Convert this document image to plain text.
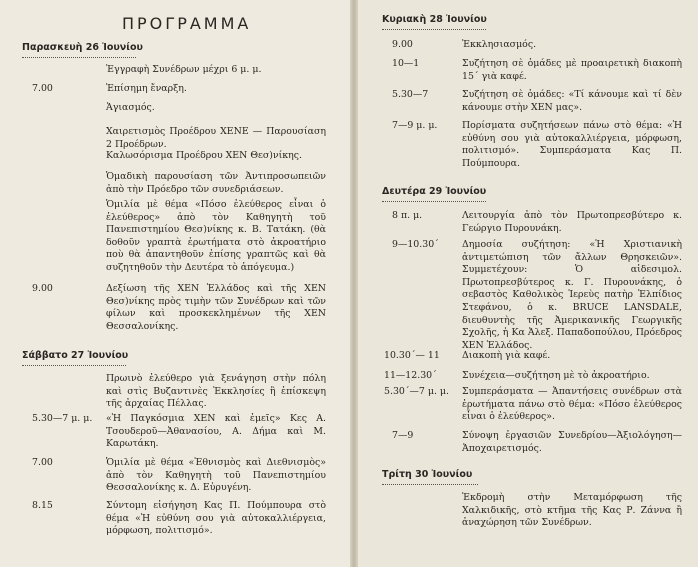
ΠΡΟΓΡΑΜΜΑ
Παρασκευὴ 26 Ἰουνίου
Σάββατο 27 Ἰουνίου
Κυριακὴ 28 Ἰουνίου
Δευτέρα 29 Ἰουνίου
Τρίτη 30 Ἰουνίου
Ἐγγραφὴ Συνέδρων μέχρι 6 μ. μ.
7.00	Ἐπίσημη ἔναρξη.
Ἁγιασμός.
Χαιρετισμὸς Προέδρου ΧΕΝΕ — Παρουσίαση 2 Προέδρων.
Καλωσόρισμα Προέδρου ΧΕΝ Θεσ)νίκης.
Ὁμαδικὴ παρουσίαση τῶν Ἀντιπροσωπειῶν ἀπὸ τὴν Πρόεδρο τῶν συνεδριάσεων.
Ὁμιλία μὲ θέμα «Πόσο ἐλεύθερος εἶναι ὁ ἐλεύθερος» ἀπὸ τὸν Καθηγητὴ τοῦ Πανεπιστημίου Θεσ)νίκης κ. Β. Τατάκη. (θὰ δοθοῦν γραπτὰ ἐρωτήματα στὸ ἀκροατήριο ποὺ θὰ ἀπαντηθοῦν ἐπίσης γραπτῶς καὶ θὰ συζητηθοῦν τὴν Δευτέρα τὸ ἀπόγευμα.)
9.00	Δεξίωση τῆς ΧΕΝ Ἑλλάδος καὶ τῆς ΧΕΝ Θεσ)νίκης πρὸς τιμὴν τῶν Συνέδρων καὶ τῶν φίλων καὶ προσκεκλημένων τῆς ΧΕΝ Θεσσαλονίκης.
Πρωινὸ ἐλεύθερο γιὰ ξενάγηση στὴν πόλη καὶ στὶς Βυζαντινὲς Ἐκκλησίες ἢ ἐπίσκεψη τῆς ἀρχαίας Πέλλας.
5.30—7 μ. μ. «Ἡ Παγκόσμια ΧΕΝ καὶ ἐμεῖς» Κες Α. Τσουδεροῦ—Ἀθανασίου, Α. Δήμα καὶ Μ. Καρωτάκη.
7.00	Ὁμιλία μὲ θέμα «Ἐθνισμὸς καὶ Διεθνισμὸς» ἀπὸ τὸν Καθηγητὴ τοῦ Πανεπιστημίου Θεσσαλονίκης κ. Δ. Εὐρυγένη.
8.15	Σύντομη εἰσήγηση Κας Π. Πούμπουρα στὸ θέμα «Ἡ εὐθύνη σου γιὰ αὐτοκαλλιέργεια, μόρφωση, πολιτισμό».
9.00	Ἐκκλησιασμός.
10—1	Συζήτηση σὲ ὁμάδες μὲ προαιρετικὴ διακοπὴ 15΄ γιὰ καφέ.
5.30—7	Συζήτηση σὲ ὁμάδες: «Τί κάνουμε καὶ τί δὲν κάνουμε στὴν ΧΕΝ μας».
7—9 μ. μ.	Πορίσματα συζητήσεων πάνω στὸ θέμα: «Ἡ εὐθύνη σου γιὰ αὐτοκαλλιέργεια, μόρφωση, πολιτισμό». Συμπεράσματα Κας Π. Πούμπουρα.
8 π. μ.	Λειτουργία ἀπὸ τὸν Πρωτοπρεσβύτερο κ. Γεώργιο Πυρουνάκη.
9—10.30΄ Δημοσία συζήτηση: «Ἡ Χριστιανικὴ ἀντιμετώπιση τῶν ἄλλων Θρησκειῶν». Συμμετέχουν: Ὁ αἰδεσιμολ. Πρωτοπρεσβύτερος κ. Γ. Πυρουνάκης, ὁ σεβαστὸς Καθολικὸς Ἱερεὺς πατὴρ Ἐλπίδιος Στεφάνου, ὁ κ. BRUCE LANSDALE, διευθυντὴς τῆς Ἀμερικανικῆς Γεωργικῆς Σχολῆς, ἡ Κα Ἀλεξ. Παπαδοπούλου, Πρόεδρος ΧΕΝ Ἑλλάδος.
10.30΄— 11 Διακοπὴ γιὰ καφέ.
11—12.30΄	Συνέχεια—συζήτηση μὲ τὸ ἀκροατήριο.
5.30΄—7 μ. μ. Συμπεράσματα — Ἀπαντήσεις συνέδρων στὰ ἐρωτήματα πάνω στὸ θέμα: «Πόσο ἐλεύθερος εἶναι ὁ ἐλεύθερος».
7—9	Σύνοψη ἐργασιῶν Συνεδρίου—Ἀξιολόγηση—Ἀποχαιρετισμός.
Ἐκδρομὴ στὴν Μεταμόρφωση τῆς Χαλκιδικῆς, στὸ κτῆμα τῆς Κας Ρ. Ζάννα ἢ ἀναχώρηση τῶν Συνέδρων.
